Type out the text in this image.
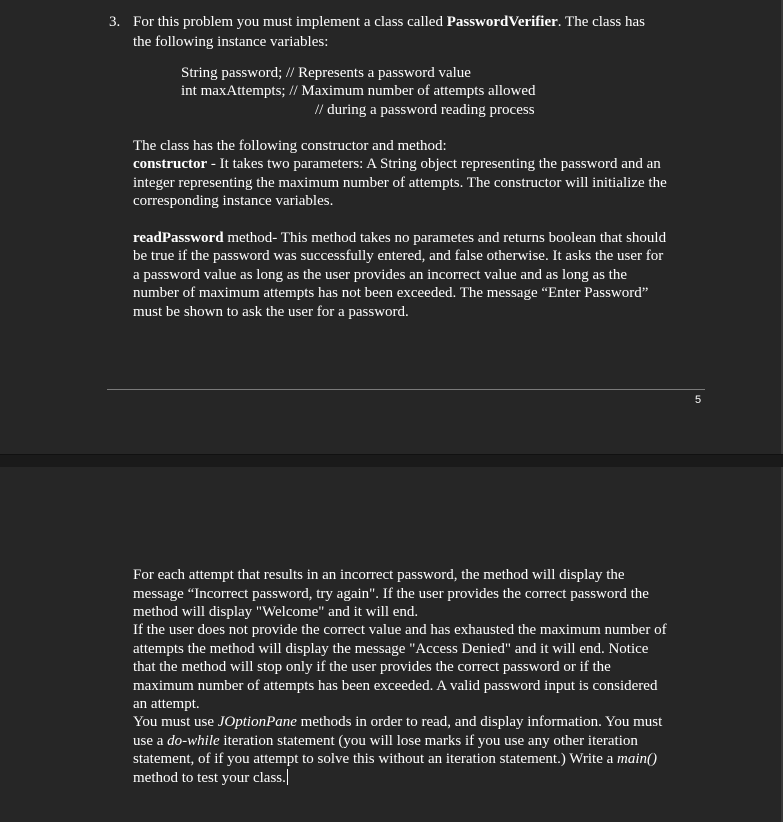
3. For this problem you must implement a class called PasswordVerifier. The class has
the following instance variables:
String password; // Represents a password value
int maxAttempts; // Maximum number of attempts allowed
// during a password reading process
The class has the following constructor and method:
constructor - It takes two parameters: A String object representing the password and an
integer representing the maximum number of attempts. The constructor will initialize the
corresponding instance variables.
readPassword method- This method takes no parametes and returns boolean that should
be true if the password was successfully entered, and false otherwise. It asks the user for
a password value as long as the user provides an incorrect value and as long as the
number of maximum attempts has not been exceeded. The message “Enter Password”
must be shown to ask the user for a password.
5
For each attempt that results in an incorrect password, the method will display the
message “Incorrect password, try again". If the user provides the correct password the
method will display "Welcome" and it will end.
If the user does not provide the correct value and has exhausted the maximum number of
attempts the method will display the message "Access Denied" and it will end. Notice
that the method will stop only if the user provides the correct password or if the
maximum number of attempts has been exceeded. A valid password input is considered
an attempt.
You must use JOptionPane methods in order to read, and display information. You must
use a do-while iteration statement (you will lose marks if you use any other iteration
statement, of if you attempt to solve this without an iteration statement.) Write a main()
method to test your class.
